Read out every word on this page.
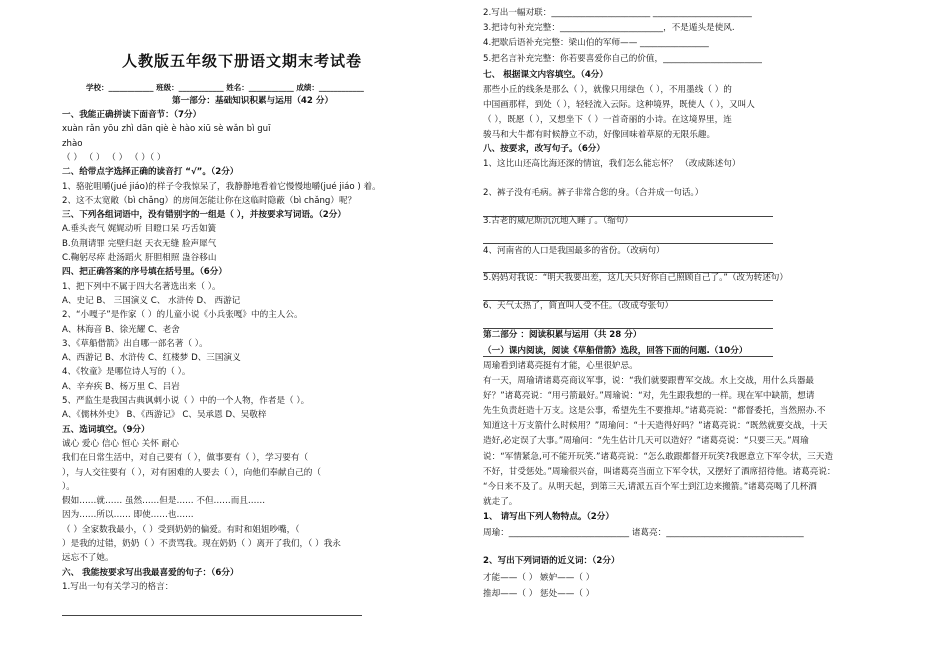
人教版五年级下册语文期末考试卷
学校：____________ 班级：____________ 姓名：____________ 成绩：____________
第一部分：基础知识积累与运用（42 分）
一、我能正确拼读下面音节：（7分）
xuàn rǎn yōu zhì dān qiè è hào xiū sè wǎn bì guī
zhào
（ ） （ ） （ ） （ ）（ ）
二、给带点字选择正确的读音打 “√”。（2分）
1、骆驼咀嚼(jué jiáo)的样子令我惊呆了，我静静地看着它慢慢地嚼(jué jiáo ) 着。
2、这不太宽敞（bì chǎng）的房间怎能让你在这临时隐蔽（bì chǎng）呢？
三、下列各组词语中，没有错别字的一组是（ ），并按要求写词语。（2分）
A.垂头丧气 娓娓动听 目瞪口呆 巧舌如簧
B.负荆请罪 完壁归赵 天衣无缝 脸声犀气
C.鞠躬尽瘁 赴汤蹈火 肝胆相照 蛊谷移山
四、把正确答案的序号填在括号里。（6分）
1、把下列中不属于四大名著选出来（ ）。
A、史记 B、 三国演义 C、 水浒传 D、 西游记
2、“小嘎子”是作家（ ）的儿童小说《小兵张嘎》中的主人公。
A、林海音 B、徐光耀 C、老舍
3、《草船借箭》出自哪一部名著（ ）。
A、西游记 B、水浒传 C、红楼梦 D、三国演义
4、《牧童》是哪位诗人写的（ ）。
A、辛弃疾 B、杨万里 C、吕岩
5、严监生是我国古典讽刺小说（ ）中的一个人物，作者是（ ）。
A、《儒林外史》 B、《西游记》 C、吴承恩 D、吴敬梓
五、选词填空。（9分）
诚心 爱心 信心 恒心 关怀 耐心
我们在日常生活中，对自己要有（ ），做事要有（ ），学习要有（
），与人交往要有（ ），对有困难的人要去（ ），向他们奉献自己的（
）。
假如……就…… 虽然……但是…… 不但……而且……
因为……所以…… 即使……也……
（ ）全家数我最小，（ ）受到奶奶的偏爱。有时和姐姐吵嘴，（
）是我的过错，奶奶（ ）不责骂我。现在奶奶（ ）离开了我们，（ ）我永
远忘不了她。
六、 我能按要求写出我最喜爱的句子：（6分）
1.写出一句有关学习的格言：
2.写出一幅对联：_______________________ _______________________
3.把诗句补充完整：________________________，不是遁头是使风.
4.把歇后语补充完整：梁山伯的军师—— ________________
5.把名言补充完整：你若要喜爱你自己的价值，_______________________
七、 根据课文内容填空。（4分）
那些小丘的线条是那么（ ），就像只用绿色（ ），不用墨线（ ）的
中国画那样，到处（ ），轻轻流入云际。这种境界，既使人（ ），又叫人
（ ），既愿（ ），又想坐下（ ）一首奇丽的小诗。在这境界里，连
骏马和大牛都有时候静立不动，好像回味着草原的无限乐趣。
八、按要求，改写句子。（6分）
1、这比山还高比海还深的情谊，我们怎么能忘怀？ （改成陈述句）
2、裤子没有毛病。裤子非常合您的身。（合并成一句话。）
3.古老的威尼斯沉沉地入睡了。（缩句）
4、河南省的人口是我国最多的省份。（改病句）
5.妈妈对我说：“明天我要出差，这几天只好你自己照顾自己了。”（改为转述句）
6、天气太热了，简直叫人受不住。（改成夸张句）
第二部分 ：阅读积累与运用（共 28 分）
（一）课内阅读，阅读《草船借箭》选段，回答下面的问题.（10分）
周瑜看到诸葛亮挺有才能，心里很妒忌。
有一天，周瑜请诸葛亮商议军事，说：“我们就要跟曹军交战。水上交战，用什么兵器最
好？”诸葛亮说：“用弓箭最好。”周瑜说：“对，先生跟我想的一样。现在军中缺箭，想请
先生负责赶造十万支。这是公事，希望先生不要推却。”诸葛亮说：“都督委托，当然照办.不
知道这十万支箭什么时候用？”周瑜问：“十天造得好吗？”诸葛亮说：“既然就要交战，十天
造好,必定误了大事。”周瑜问：“先生估计几天可以造好？”诸葛亮说：“只要三天。”周瑜
说：“军情紧急,可不能开玩笑.”诸葛亮说：“怎么敢跟都督开玩笑?我愿意立下军令状，三天造
不好，甘受惩处。”周瑜很兴奋，叫诸葛亮当面立下军令状，又摆好了酒席招待他。诸葛亮说：
“今日来不及了。从明天起，到第三天,请派五百个军士到江边来搬箭。”诸葛亮喝了几杯酒
就走了。
1、 请写出下列人物特点。（2分）
周瑜：____________________________ 诸葛亮：________________________________
2、写出下列词语的近义词：（2分）
才能——（ ） 嫉妒——（ ）
推却——（ ） 惩处——（ ）
